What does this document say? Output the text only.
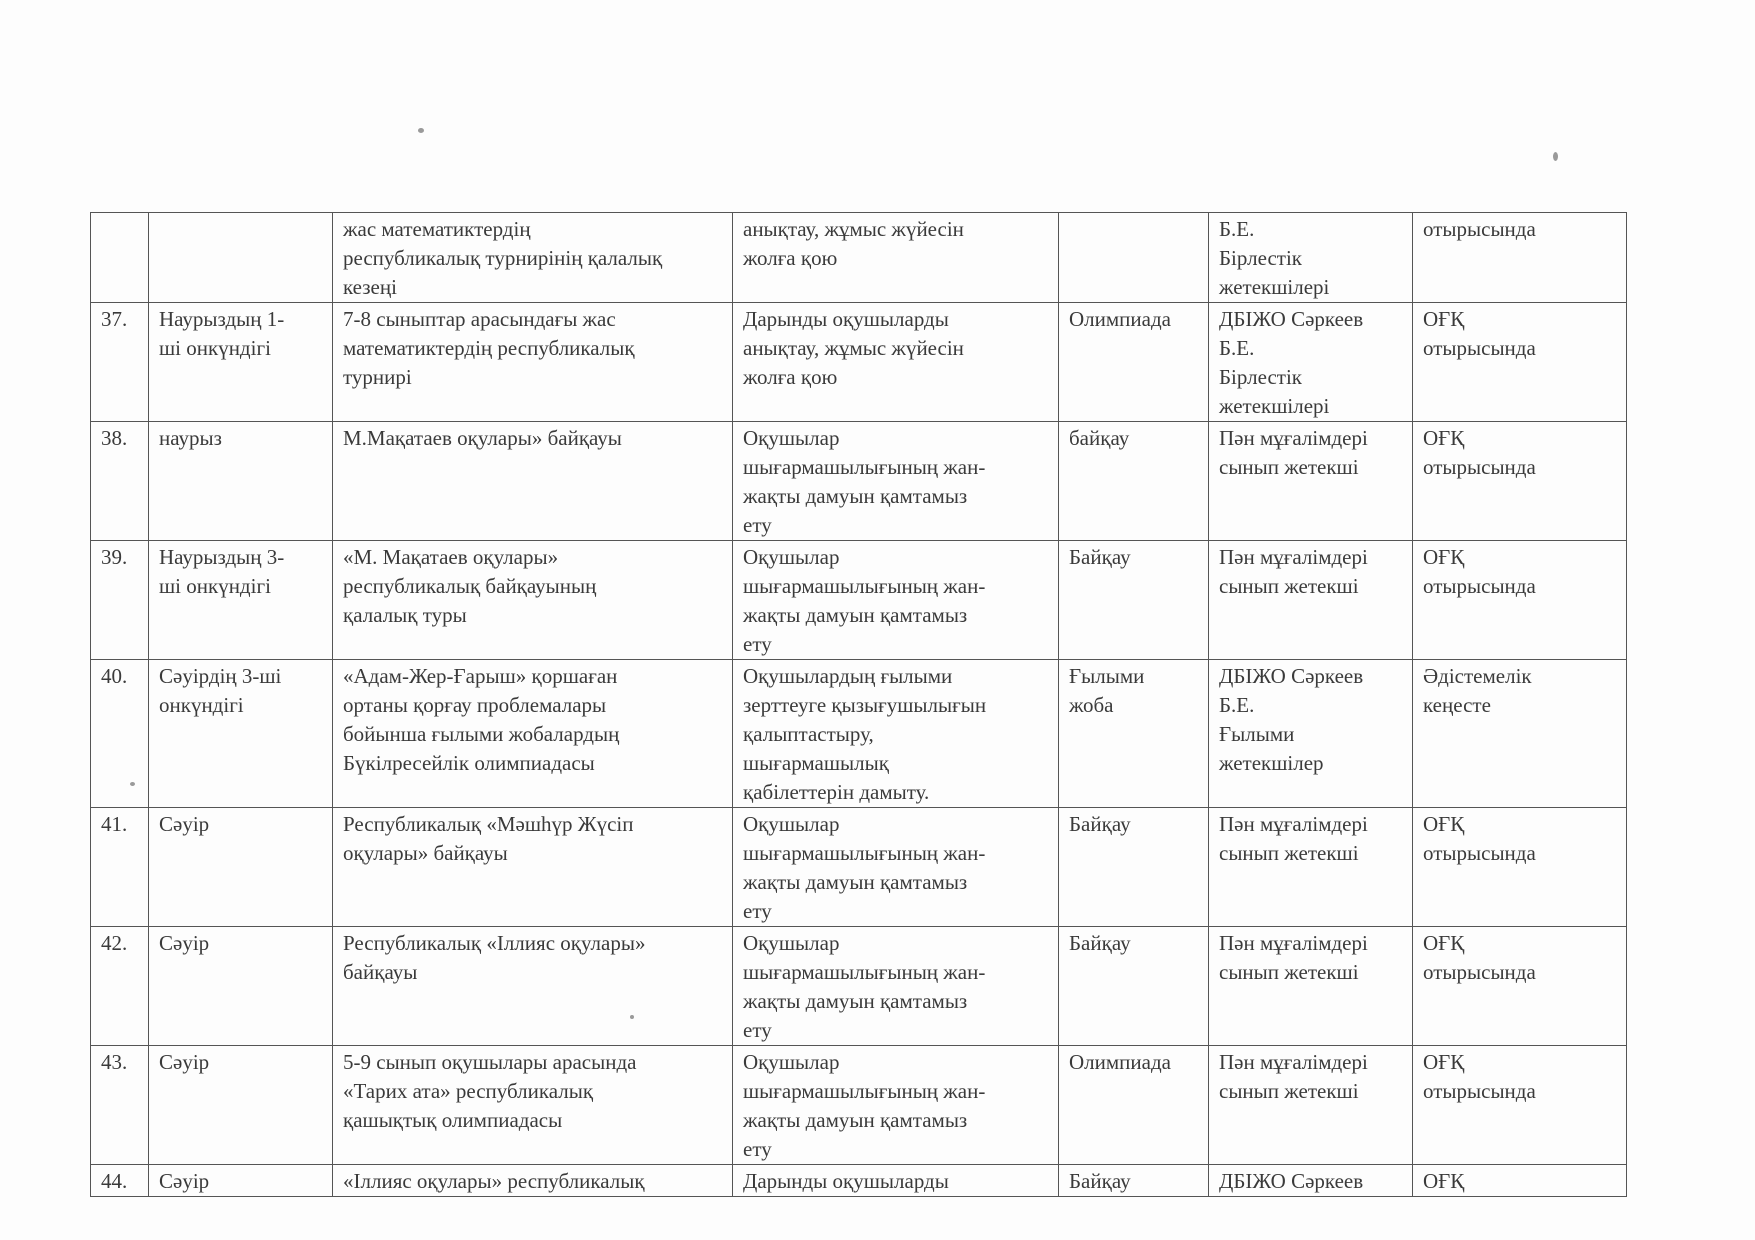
		жас математиктердің
республикалық турнирінің қалалық
кезеңі	анықтау, жұмыс жүйесін
жолға қою		Б.Е.
Бірлестік
жетекшілері	отырысында

37.	Наурыздың 1-
ші онкүндігі	7-8 сыныптар арасындағы жас
математиктердің республикалық
турнирі	Дарынды оқушыларды
анықтау, жұмыс жүйесін
жолға қою	Олимпиада	ДБІЖО Сәркеев
Б.Е.
Бірлестік
жетекшілері	ОҒҚ
отырысында

38.	наурыз	М.Мақатаев оқулары» байқауы	Оқушылар
шығармашылығының жан-
жақты дамуын қамтамыз
ету	байқау	Пән мұғалімдері
сынып жетекші	ОҒҚ
отырысында

39.	Наурыздың 3-
ші онкүндігі	«М. Мақатаев оқулары»
республикалық байқауының
қалалық туры	Оқушылар
шығармашылығының жан-
жақты дамуын қамтамыз
ету	Байқау	Пән мұғалімдері
сынып жетекші	ОҒҚ
отырысында

40.	Сәуірдің 3-ші
онкүндігі	«Адам-Жер-Ғарыш» қоршаған
ортаны қорғау проблемалары
бойынша ғылыми жобалардың
Бүкілресейлік олимпиадасы	Оқушылардың ғылыми
зерттеуге қызығушылығын
қалыптастыру,
шығармашылық
қабілеттерін дамыту.	Ғылыми
жоба	ДБІЖО Сәркеев
Б.Е.
Ғылыми
жетекшілер	Әдістемелік
кеңесте

41.	Сәуір	Республикалық «Мәшһүр Жүсіп
оқулары» байқауы	Оқушылар
шығармашылығының жан-
жақты дамуын қамтамыз
ету	Байқау	Пән мұғалімдері
сынып жетекші	ОҒҚ
отырысында

42.	Сәуір	Республикалық «Іллияс оқулары»
байқауы	Оқушылар
шығармашылығының жан-
жақты дамуын қамтамыз
ету	Байқау	Пән мұғалімдері
сынып жетекші	ОҒҚ
отырысында

43.	Сәуір	5-9 сынып оқушылары арасында
«Тарих ата» республикалық
қашықтық олимпиадасы	Оқушылар
шығармашылығының жан-
жақты дамуын қамтамыз
ету	Олимпиада	Пән мұғалімдері
сынып жетекші	ОҒҚ
отырысында

44.	Сәуір	«Іллияс оқулары» республикалық	Дарынды оқушыларды	Байқау	ДБІЖО Сәркеев	ОҒҚ
